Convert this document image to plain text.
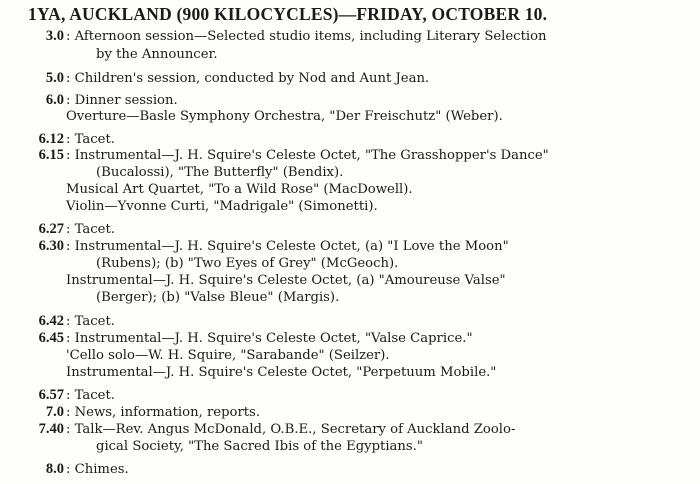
1YA, AUCKLAND (900 KILOCYCLES)—FRIDAY, OCTOBER 10.
3.0 : Afternoon session—Selected studio items, including Literary Selection
by the Announcer.
5.0 : Children's session, conducted by Nod and Aunt Jean.
6.0 : Dinner session.
Overture—Basle Symphony Orchestra, "Der Freischutz" (Weber).
6.12 : Tacet.
6.15 : Instrumental—J. H. Squire's Celeste Octet, "The Grasshopper's Dance"
(Bucalossi), "The Butterfly" (Bendix).
Musical Art Quartet, "To a Wild Rose" (MacDowell).
Violin—Yvonne Curti, "Madrigale" (Simonetti).
6.27 : Tacet.
6.30 : Instrumental—J. H. Squire's Celeste Octet, (a) "I Love the Moon"
(Rubens); (b) "Two Eyes of Grey" (McGeoch).
Instrumental—J. H. Squire's Celeste Octet, (a) "Amoureuse Valse"
(Berger); (b) "Valse Bleue" (Margis).
6.42 : Tacet.
6.45 : Instrumental—J. H. Squire's Celeste Octet, "Valse Caprice."
'Cello solo—W. H. Squire, "Sarabande" (Seilzer).
Instrumental—J. H. Squire's Celeste Octet, "Perpetuum Mobile."
6.57 : Tacet.
7.0 : News, information, reports.
7.40 : Talk—Rev. Angus McDonald, O.B.E., Secretary of Auckland Zoolo-
gical Society, "The Sacred Ibis of the Egyptians."
8.0 : Chimes.
